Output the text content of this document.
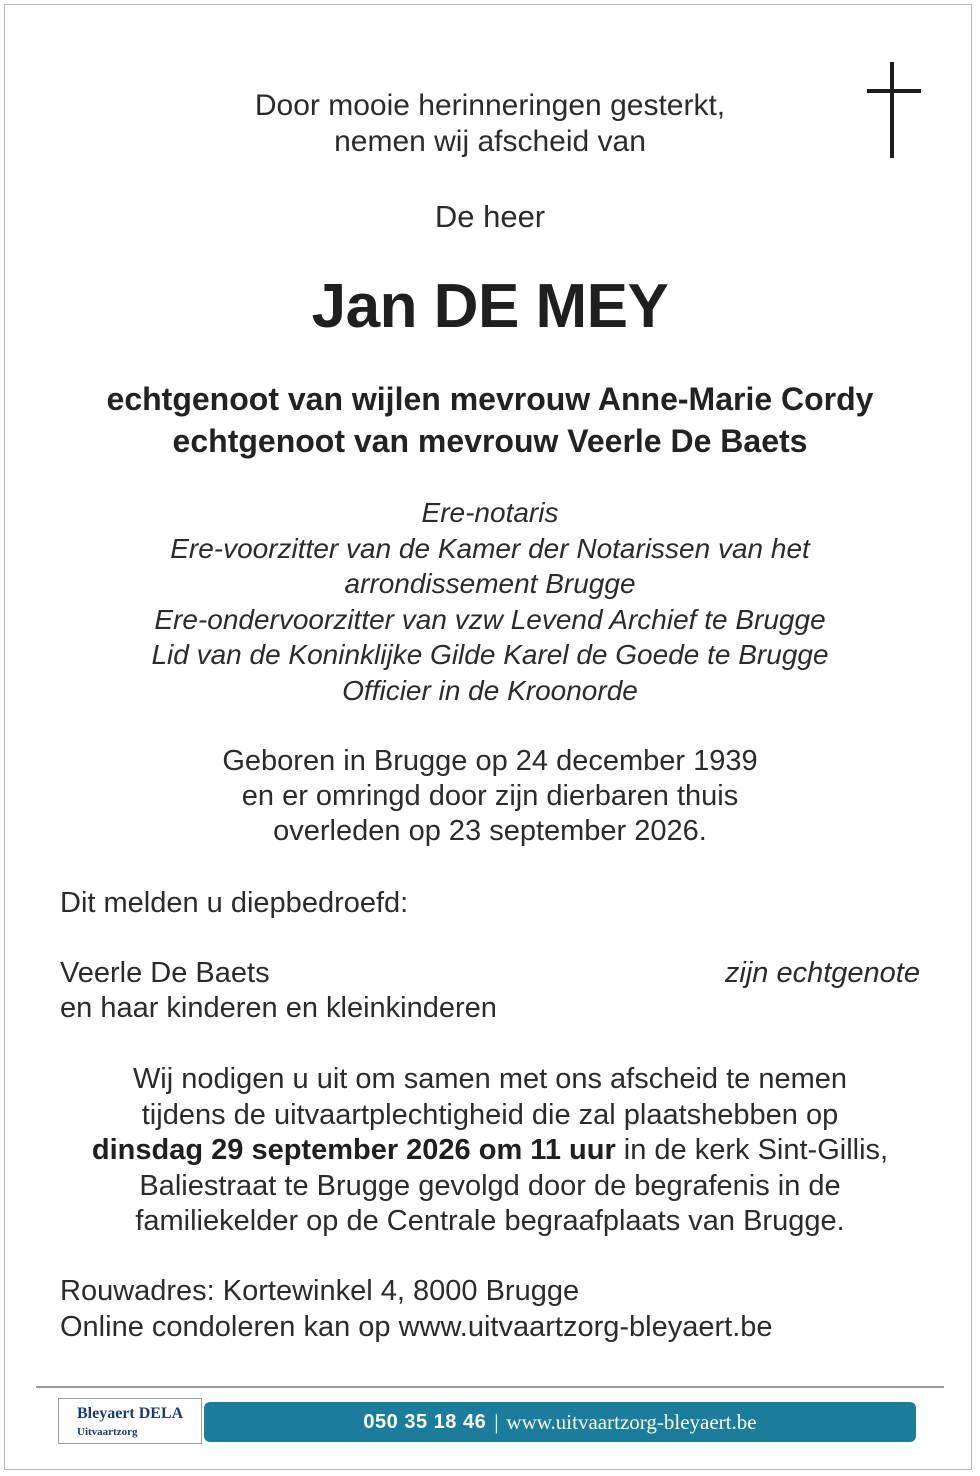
Door mooie herinneringen gesterkt,
nemen wij afscheid van
De heer
Jan DE MEY
echtgenoot van wijlen mevrouw Anne-Marie Cordy
echtgenoot van mevrouw Veerle De Baets
Ere-notaris
Ere-voorzitter van de Kamer der Notarissen van het
arrondissement Brugge
Ere-ondervoorzitter van vzw Levend Archief te Brugge
Lid van de Koninklijke Gilde Karel de Goede te Brugge
Officier in de Kroonorde
Geboren in Brugge op 24 december 1939
en er omringd door zijn dierbaren thuis
overleden op 23 september 2026.
Dit melden u diepbedroefd:
Veerle De Baets
en haar kinderen en kleinkinderen
zijn echtgenote
Wij nodigen u uit om samen met ons afscheid te nemen
tijdens de uitvaartplechtigheid die zal plaatshebben op
dinsdag 29 september 2026 om 11 uur in de kerk Sint-Gillis,
Baliestraat te Brugge gevolgd door de begrafenis in de
familiekelder op de Centrale begraafplaats van Brugge.
Rouwadres: Kortewinkel 4, 8000 Brugge
Online condoleren kan op www.uitvaartzorg-bleyaert.be
Bleyaert DELA
Uitvaartzorg	050 35 18 46 | www.uitvaartzorg-bleyaert.be
